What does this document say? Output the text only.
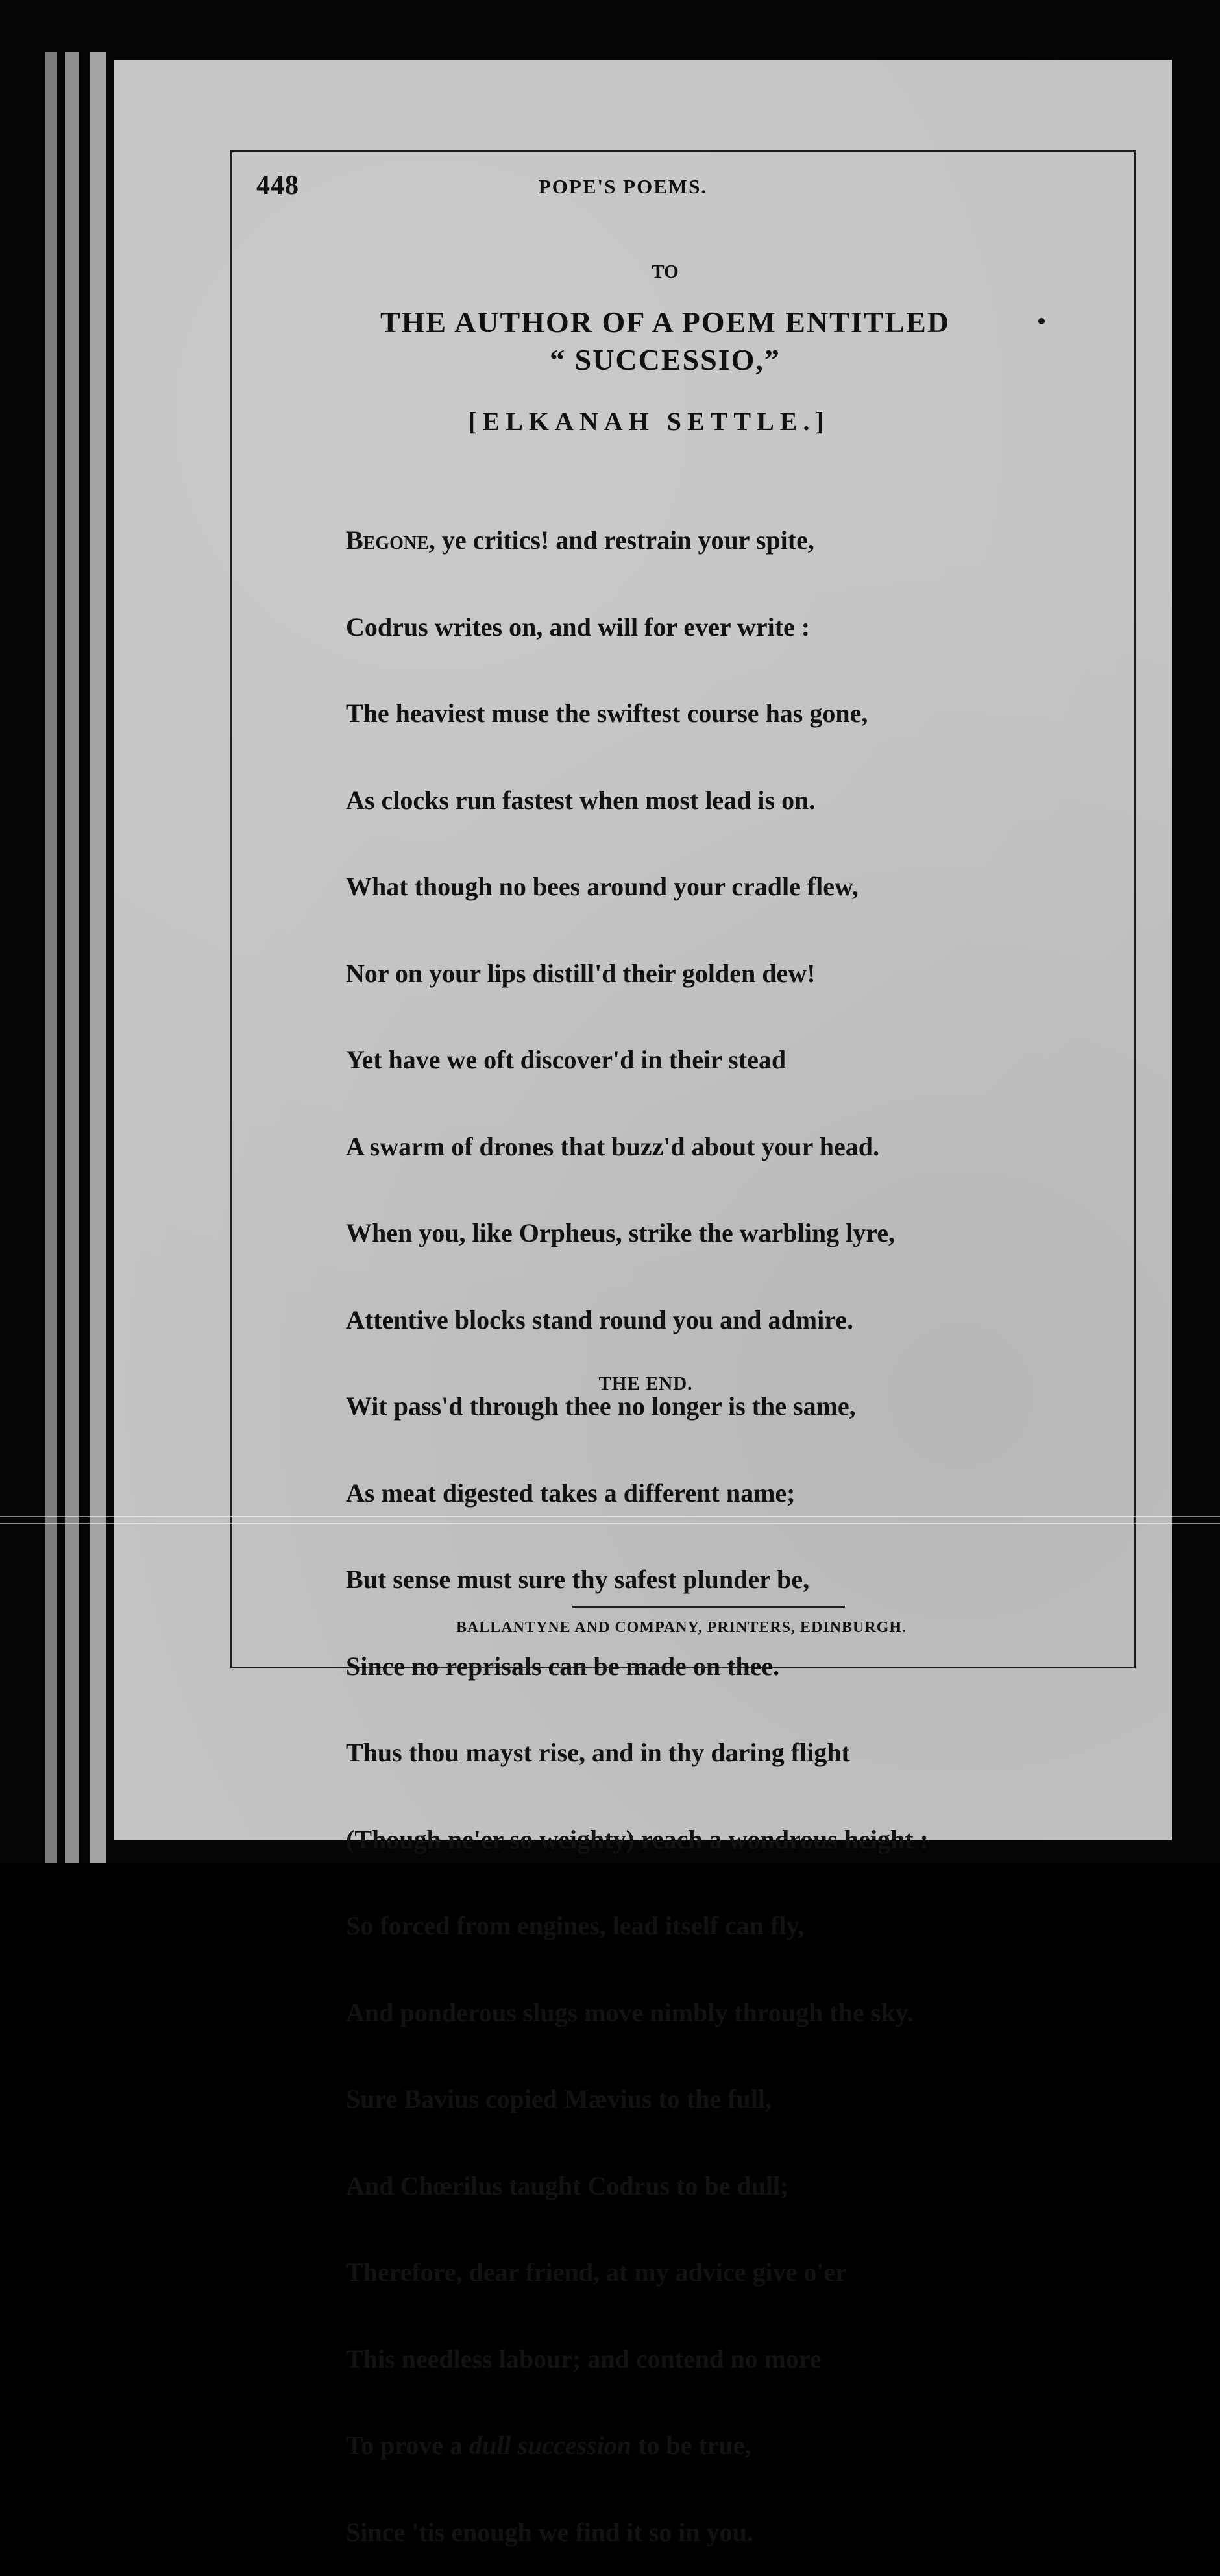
448	POPE'S POEMS.
TO
THE AUTHOR OF A POEM ENTITLED
“ SUCCESSIO,”
[ELKANAH SETTLE.]

Begone, ye critics! and restrain your spite,

Codrus writes on, and will for ever write :

The heaviest muse the swiftest course has gone,

As clocks run fastest when most lead is on.

What though no bees around your cradle flew,

Nor on your lips distill'd their golden dew!

Yet have we oft discover'd in their stead

A swarm of drones that buzz'd about your head.

When you, like Orpheus, strike the warbling lyre,

Attentive blocks stand round you and admire.

Wit pass'd through thee no longer is the same,

As meat digested takes a different name;

But sense must sure thy safest plunder be,

Since no reprisals can be made on thee.

Thus thou mayst rise, and in thy daring flight

(Though ne'er so weighty) reach a wondrous height :

So forced from engines, lead itself can fly,

And ponderous slugs move nimbly through the sky.

Sure Bavius copied Mævius to the full,

And Chœrilus taught Codrus to be dull;

Therefore, dear friend, at my advice give o'er

This needless labour; and contend no more

To prove a dull succession to be true,

Since 'tis enough we find it so in you.

THE END.
BALLANTYNE AND COMPANY, PRINTERS, EDINBURGH.
